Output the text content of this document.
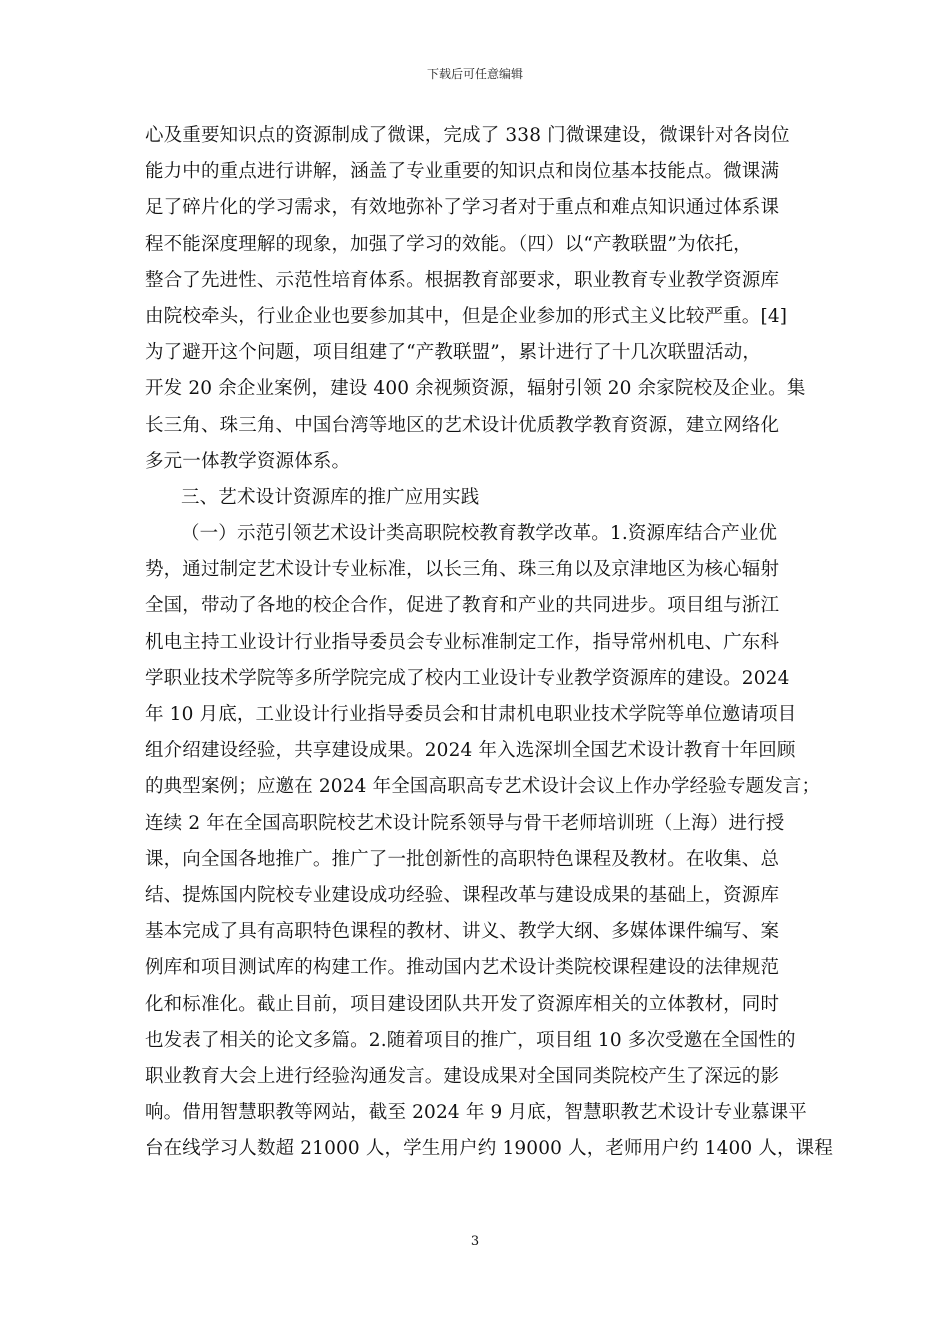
下载后可任意编辑
心及重要知识点的资源制成了微课，完成了 338 门微课建设，微课针对各岗位
能力中的重点进行讲解，涵盖了专业重要的知识点和岗位基本技能点。微课满
足了碎片化的学习需求，有效地弥补了学习者对于重点和难点知识通过体系课
程不能深度理解的现象，加强了学习的效能。（四）以“产教联盟”为依托，
整合了先进性、示范性培育体系。根据教育部要求，职业教育专业教学资源库
由院校牵头，行业企业也要参加其中，但是企业参加的形式主义比较严重。[4]
为了避开这个问题，项目组建了“产教联盟”，累计进行了十几次联盟活动，
开发 20 余企业案例，建设 400 余视频资源，辐射引领 20 余家院校及企业。集
长三角、珠三角、中国台湾等地区的艺术设计优质教学教育资源，建立网络化
多元一体教学资源体系。
三、艺术设计资源库的推广应用实践
（一）示范引领艺术设计类高职院校教育教学改革。1.资源库结合产业优
势，通过制定艺术设计专业标准，以长三角、珠三角以及京津地区为核心辐射
全国，带动了各地的校企合作，促进了教育和产业的共同进步。项目组与浙江
机电主持工业设计行业指导委员会专业标准制定工作，指导常州机电、广东科
学职业技术学院等多所学院完成了校内工业设计专业教学资源库的建设。2024
年 10 月底，工业设计行业指导委员会和甘肃机电职业技术学院等单位邀请项目
组介绍建设经验，共享建设成果。2024 年入选深圳全国艺术设计教育十年回顾
的典型案例；应邀在 2024 年全国高职高专艺术设计会议上作办学经验专题发言；
连续 2 年在全国高职院校艺术设计院系领导与骨干老师培训班（上海）进行授
课，向全国各地推广。推广了一批创新性的高职特色课程及教材。在收集、总
结、提炼国内院校专业建设成功经验、课程改革与建设成果的基础上，资源库
基本完成了具有高职特色课程的教材、讲义、教学大纲、多媒体课件编写、案
例库和项目测试库的构建工作。推动国内艺术设计类院校课程建设的法律规范
化和标准化。截止目前，项目建设团队共开发了资源库相关的立体教材，同时
也发表了相关的论文多篇。2.随着项目的推广，项目组 10 多次受邀在全国性的
职业教育大会上进行经验沟通发言。建设成果对全国同类院校产生了深远的影
响。借用智慧职教等网站，截至 2024 年 9 月底，智慧职教艺术设计专业慕课平
台在线学习人数超 21000 人，学生用户约 19000 人，老师用户约 1400 人，课程
3
